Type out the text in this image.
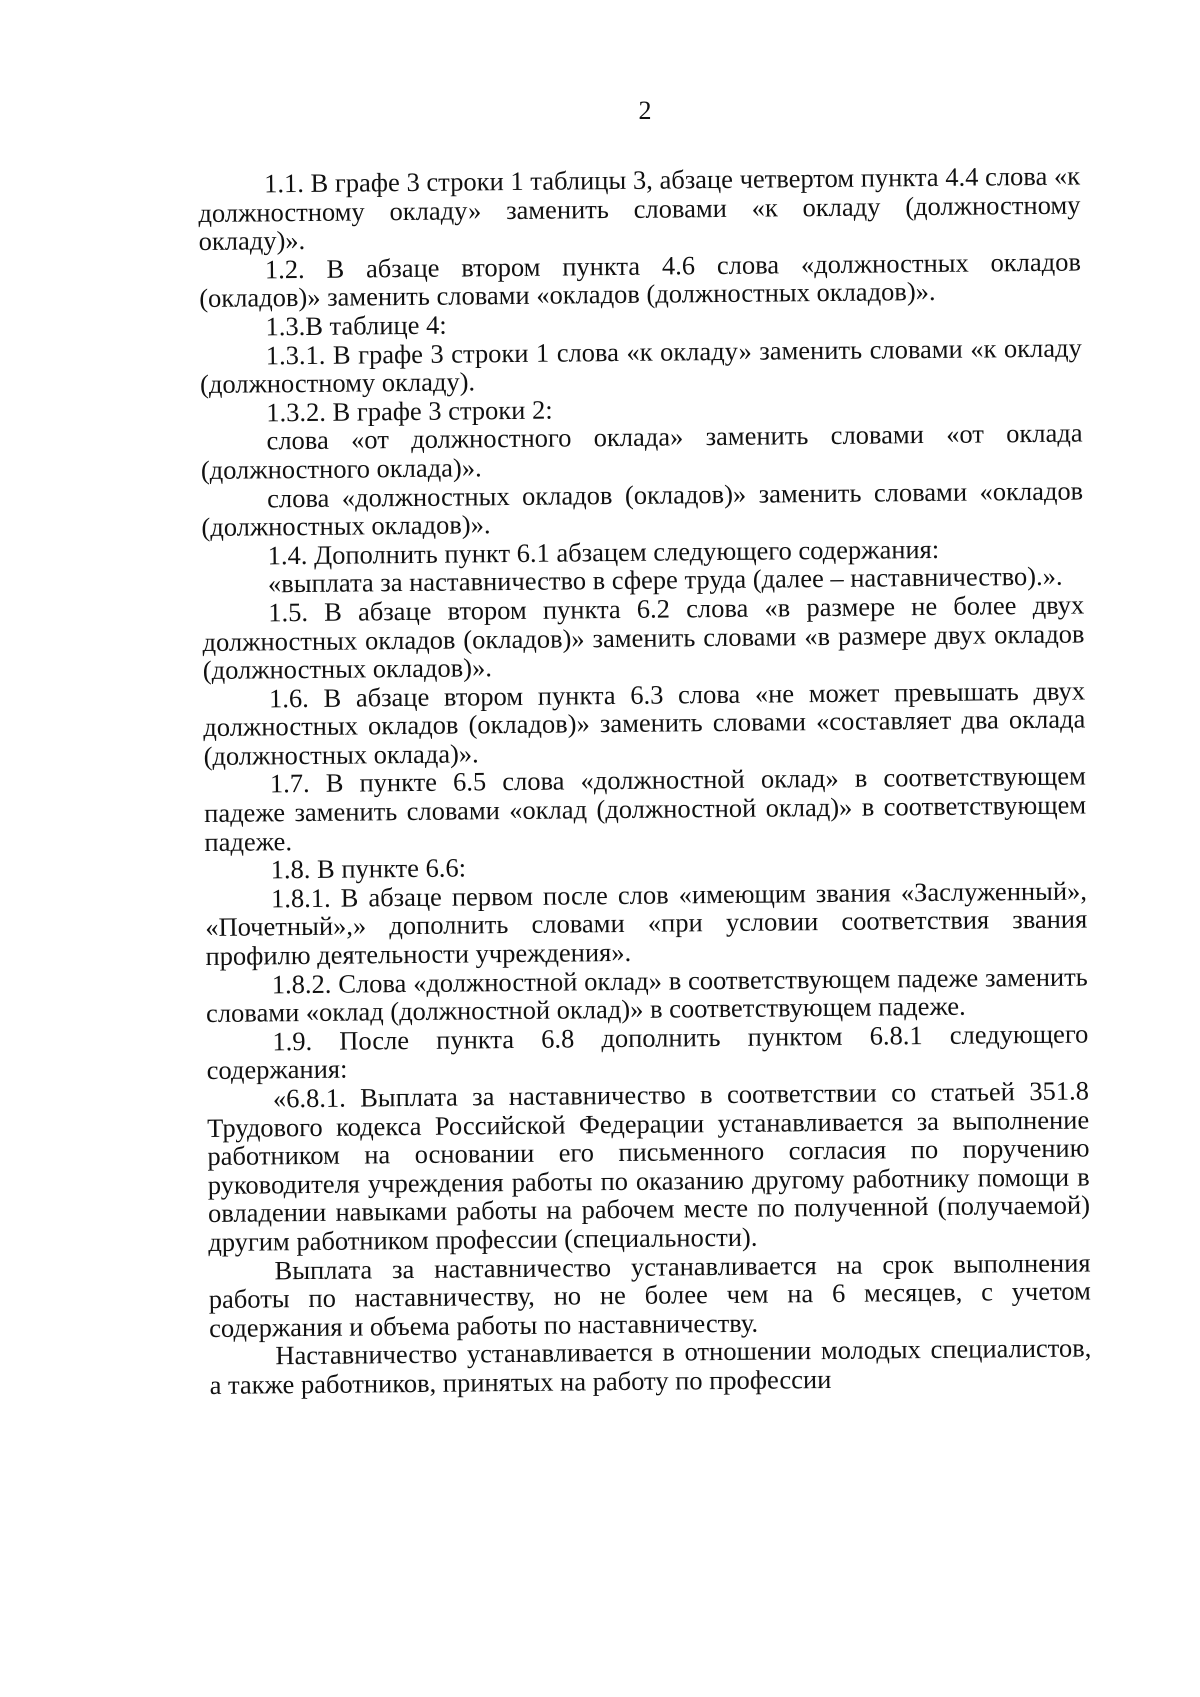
2

1.1. В графе 3 строки 1 таблицы 3, абзаце четвертом пункта 4.4 слова «к должностному окладу» заменить словами «к окладу (должностному окладу)».

1.2. В абзаце втором пункта 4.6 слова «должностных окладов (окладов)» заменить словами «окладов (должностных окладов)».

1.3.В таблице 4:

1.3.1. В графе 3 строки 1 слова «к окладу» заменить словами «к окладу (должностному окладу).

1.3.2. В графе 3 строки 2:

слова «от должностного оклада» заменить словами «от оклада (должностного оклада)».

слова «должностных окладов (окладов)» заменить словами «окладов (должностных окладов)».

1.4. Дополнить пункт 6.1 абзацем следующего содержания:

«выплата за наставничество в сфере труда (далее – наставничество).».

1.5. В абзаце втором пункта 6.2 слова «в размере не более двух должностных окладов (окладов)» заменить словами «в размере двух окладов (должностных окладов)».

1.6. В абзаце втором пункта 6.3 слова «не может превышать двух должностных окладов (окладов)» заменить словами «составляет два оклада (должностных оклада)».

1.7. В пункте 6.5 слова «должностной оклад» в соответствующем падеже заменить словами «оклад (должностной оклад)» в соответствующем падеже.

1.8. В пункте 6.6:

1.8.1. В абзаце первом после слов «имеющим звания «Заслуженный», «Почетный»,» дополнить словами «при условии соответствия звания профилю деятельности учреждения».

1.8.2. Слова «должностной оклад» в соответствующем падеже заменить словами «оклад (должностной оклад)» в соответствующем падеже.

1.9. После пункта 6.8 дополнить пунктом 6.8.1 следующего содержания:

«6.8.1. Выплата за наставничество в соответствии со статьей 351.8 Трудового кодекса Российской Федерации устанавливается за выполнение работником на основании его письменного согласия по поручению руководителя учреждения работы по оказанию другому работнику помощи в овладении навыками работы на рабочем месте по полученной (получаемой) другим работником профессии (специальности).

Выплата за наставничество устанавливается на срок выполнения работы по наставничеству, но не более чем на 6 месяцев, с учетом содержания и объема работы по наставничеству.

Наставничество устанавливается в отношении молодых специалистов, а также работников, принятых на работу по профессии
